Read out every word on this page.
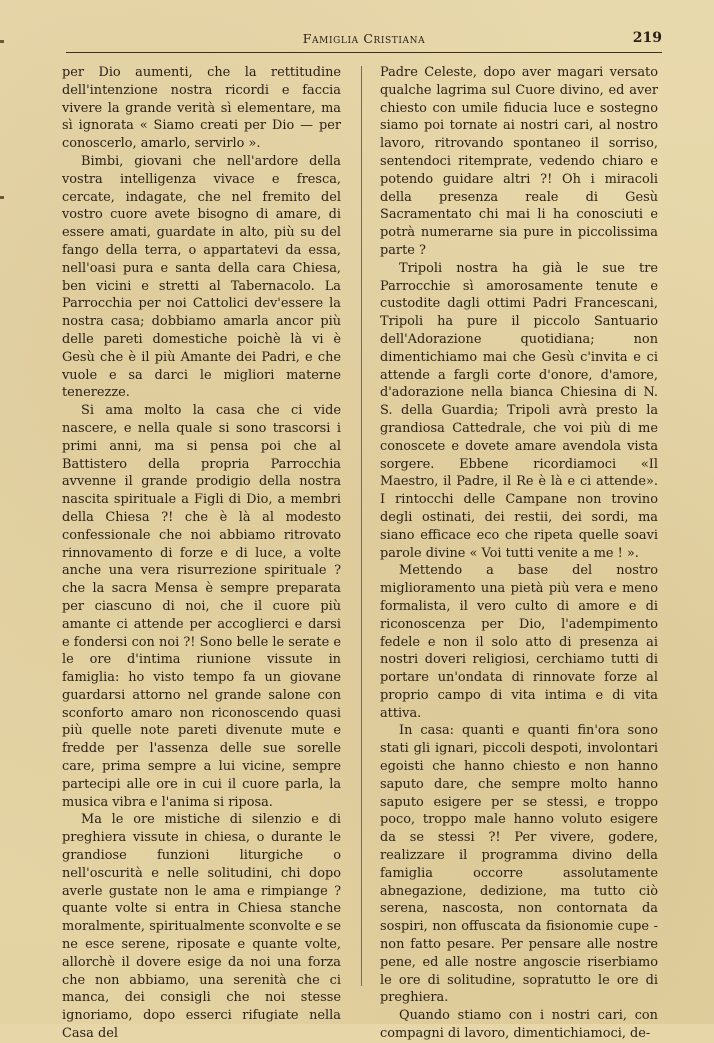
Famiglia Cristiana	219

per Dio aumenti, che la rettitudine dell'intenzione nostra ricordi e faccia vivere la grande verità sì elementare, ma sì ignorata « Siamo creati per Dio — per conoscerlo, amarlo, servirlo ».

Bimbi, giovani che nell'ardore della vostra intelligenza vivace e fresca, cercate, indagate, che nel fremito del vostro cuore avete bisogno di amare, di essere amati, guardate in alto, più su del fango della terra, o appartatevi da essa, nell'oasi pura e santa della cara Chiesa, ben vicini e stretti al Tabernacolo. La Parrocchia per noi Cattolici dev'essere la nostra casa; dobbiamo amarla ancor più delle pareti domestiche poichè là vi è Gesù che è il più Amante dei Padri, e che vuole e sa darci le migliori materne tenerezze.

Si ama molto la casa che ci vide nascere, e nella quale si sono trascorsi i primi anni, ma si pensa poi che al Battistero della propria Parrocchia avvenne il grande prodigio della nostra nascita spirituale a Figli di Dio, a membri della Chiesa ?! che è là al modesto confessionale che noi abbiamo ritrovato rinnovamento di forze e di luce, a volte anche una vera risurrezione spirituale ? che la sacra Mensa è sempre preparata per ciascuno di noi, che il cuore più amante ci attende per accoglierci e darsi e fondersi con noi ?! Sono belle le serate e le ore d'intima riunione vissute in famiglia: ho visto tempo fa un giovane guardarsi attorno nel grande salone con sconforto amaro non riconoscendo quasi più quelle note pareti divenute mute e fredde per l'assenza delle sue sorelle care, prima sempre a lui vicine, sempre partecipi alle ore in cui il cuore parla, la musica vibra e l'anima si riposa.

Ma le ore mistiche di silenzio e di preghiera vissute in chiesa, o durante le grandiose funzioni liturgiche o nell'oscurità e nelle solitudini, chi dopo averle gustate non le ama e rimpiange ? quante volte si entra in Chiesa stanche moralmente, spiritualmente sconvolte e se ne esce serene, riposate e quante volte, allorchè il dovere esige da noi una forza che non abbiamo, una serenità che ci manca, dei consigli che noi stesse ignoriamo, dopo esserci rifugiate nella Casa del

Padre Celeste, dopo aver magari versato qualche lagrima sul Cuore divino, ed aver chiesto con umile fiducia luce e sostegno siamo poi tornate ai nostri cari, al nostro lavoro, ritrovando spontaneo il sorriso, sentendoci ritemprate, vedendo chiaro e potendo guidare altri ?! Oh i miracoli della presenza reale di Gesù Sacramentato chi mai li ha conosciuti e potrà numerarne sia pure in piccolissima parte ?

Tripoli nostra ha già le sue tre Parrocchie sì amorosamente tenute e custodite dagli ottimi Padri Francescani, Tripoli ha pure il piccolo Santuario dell'Adorazione quotidiana; non dimentichiamo mai che Gesù c'invita e ci attende a fargli corte d'onore, d'amore, d'adorazione nella bianca Chiesina di N. S. della Guardia; Tripoli avrà presto la grandiosa Cattedrale, che voi più di me conoscete e dovete amare avendola vista sorgere. Ebbene ricordiamoci «Il Maestro, il Padre, il Re è là e ci attende». I rintocchi delle Campane non trovino degli ostinati, dei restii, dei sordi, ma siano efficace eco che ripeta quelle soavi parole divine « Voi tutti venite a me ! ».

Mettendo a base del nostro miglioramento una pietà più vera e meno formalista, il vero culto di amore e di riconoscenza per Dio, l'adempimento fedele e non il solo atto di presenza ai nostri doveri religiosi, cerchiamo tutti di portare un'ondata di rinnovate forze al proprio campo di vita intima e di vita attiva.

In casa: quanti e quanti fin'ora sono stati gli ignari, piccoli despoti, involontari egoisti che hanno chiesto e non hanno saputo dare, che sempre molto hanno saputo esigere per se stessi, e troppo poco, troppo male hanno voluto esigere da se stessi ?! Per vivere, godere, realizzare il programma divino della famiglia occorre assolutamente abnegazione, dedizione, ma tutto ciò serena, nascosta, non contornata da sospiri, non offuscata da fisionomie cupe - non fatto pesare. Per pensare alle nostre pene, ed alle nostre angoscie riserbiamo le ore di solitudine, sopratutto le ore di preghiera.

Quando stiamo con i nostri cari, con compagni di lavoro, dimentichiamoci, de-
